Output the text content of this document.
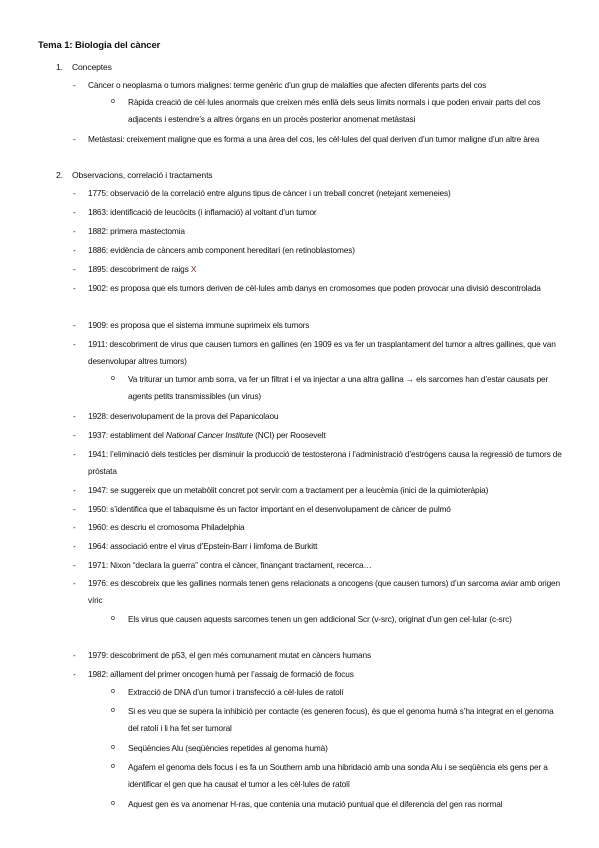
Tema 1: Biologia del càncer
1. Conceptes
- Càncer o neoplasma o tumors malignes: terme genèric d’un grup de malalties que afecten diferents parts del cos
o Ràpida creació de cèl·lules anormals que creixen més enllà dels seus límits normals i que poden envair parts del cos adjacents i estendre’s a altres òrgans en un procés posterior anomenat metàstasi
- Metàstasi: creixement maligne que es forma a una àrea del cos, les cèl·lules del qual deriven d’un tumor maligne d’un altre àrea
2. Observacions, correlació i tractaments
- 1775: observació de la correlació entre alguns tipus de càncer i un treball concret (netejant xemeneies)
- 1863: identificació de leucòcits (i inflamació) al voltant d’un tumor
- 1882: primera mastectomia
- 1886: evidència de càncers amb component hereditari (en retinoblastomes)
- 1895: descobriment de raigs X
- 1902: es proposa que els tumors deriven de cèl·lules amb danys en cromosomes que poden provocar una divisió descontrolada
- 1909: es proposa que el sistema immune suprimeix els tumors
- 1911: descobriment de virus que causen tumors en gallines (en 1909 es va fer un trasplantament del tumor a altres gallines, que van desenvolupar altres tumors)
o Va triturar un tumor amb sorra, va fer un filtrat i el va injectar a una altra gallina → els sarcomes han d’estar causats per agents petits transmissibles (un virus)
- 1928: desenvolupament de la prova del Papanicolaou
- 1937: establiment del National Cancer Institute (NCI) per Roosevelt
- 1941: l’eliminació dels testicles per disminuir la producció de testosterona i l’administració d’estrògens causa la regressió de tumors de pròstata
- 1947: se suggereix que un metabòlit concret pot servir com a tractament per a leucèmia (inici de la quimioteràpia)
- 1950: s’identifica que el tabaquisme és un factor important en el desenvolupament de càncer de pulmó
- 1960: es descriu el cromosoma Philadelphia
- 1964: associació entre el virus d’Epstein-Barr i limfoma de Burkitt
- 1971: Nixon “declara la guerra” contra el càncer, finançant tractament, recerca…
- 1976: es descobreix que les gallines normals tenen gens relacionats a oncogens (que causen tumors) d’un sarcoma aviar amb origen víric
o Els virus que causen aquests sarcomes tenen un gen addicional Scr (v-src), originat d’un gen cel·lular (c-src)
- 1979: descobriment de p53, el gen més comunament mutat en càncers humans
- 1982: aïllament del primer oncogen humà per l’assaig de formació de focus
o Extracció de DNA d’un tumor i transfecció a cèl·lules de ratolí
o Si es veu que se supera la inhibició per contacte (es generen focus), és que el genoma humà s’ha integrat en el genoma del ratolí i li ha fet ser tumoral
o Seqüències Alu (seqüències repetides al genoma humà)
o Agafem el genoma dels focus i es fa un Southern amb una hibridació amb una sonda Alu i se seqüència els gens per a identificar el gen que ha causat el tumor a les cèl·lules de ratolí
o Aquest gen es va anomenar H-ras, que contenia una mutació puntual que el diferencia del gen ras normal
